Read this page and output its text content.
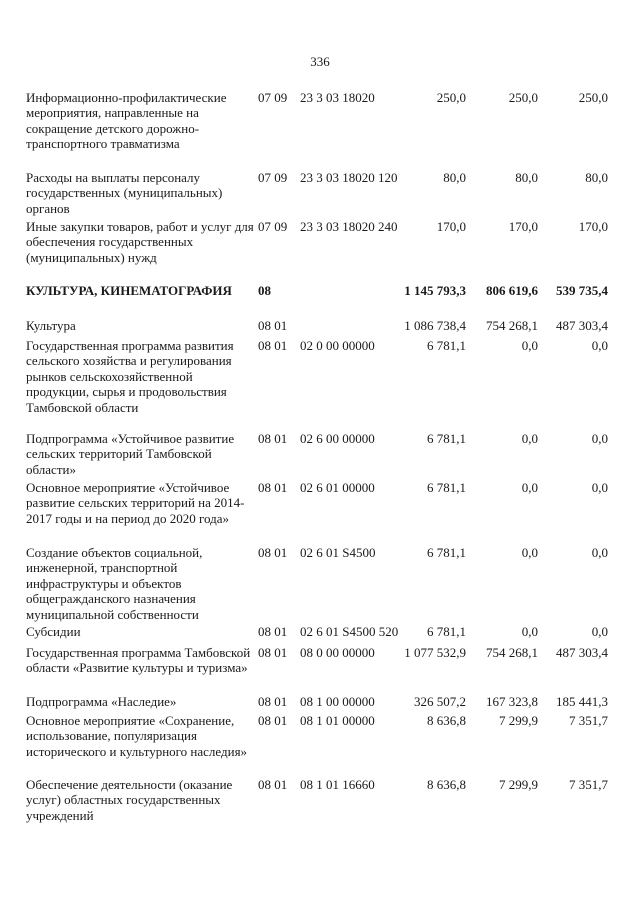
336
Информационно-профилактические мероприятия, направленные на сокращение детского дорожно-транспортного травматизма
07 09 23 3 03 18020	250,0	250,0	250,0
Расходы на выплаты персоналу государственных (муниципальных) органов
07 09 23 3 03 18020 120	80,0	80,0	80,0
Иные закупки товаров, работ и услуг для обеспечения государственных (муниципальных) нужд
07 09 23 3 03 18020 240	170,0	170,0	170,0
КУЛЬТУРА, КИНЕМАТОГРАФИЯ	08	1 145 793,3	806 619,6	539 735,4
Культура	08 01	1 086 738,4	754 268,1	487 303,4
Государственная программа развития сельского хозяйства и регулирования рынков сельскохозяйственной продукции, сырья и продовольствия Тамбовской области
08 01 02 0 00 00000	6 781,1	0,0	0,0
Подпрограмма «Устойчивое развитие сельских территорий Тамбовской области»
08 01 02 6 00 00000	6 781,1	0,0	0,0
Основное мероприятие «Устойчивое развитие сельских территорий на 2014-2017 годы и на период до 2020 года»
08 01 02 6 01 00000	6 781,1	0,0	0,0
Создание объектов социальной, инженерной, транспортной инфраструктуры и объектов общегражданского назначения муниципальной собственности
08 01 02 6 01 S4500	6 781,1	0,0	0,0
Субсидии	08 01 02 6 01 S4500 520	6 781,1	0,0	0,0
Государственная программа Тамбовской области «Развитие культуры и туризма»
08 01 08 0 00 00000	1 077 532,9	754 268,1	487 303,4
Подпрограмма «Наследие»	08 01 08 1 00 00000	326 507,2	167 323,8	185 441,3
Основное мероприятие «Сохранение, использование, популяризация исторического и культурного наследия»
08 01 08 1 01 00000	8 636,8	7 299,9	7 351,7
Обеспечение деятельности (оказание услуг) областных государственных учреждений
08 01 08 1 01 16660	8 636,8	7 299,9	7 351,7
